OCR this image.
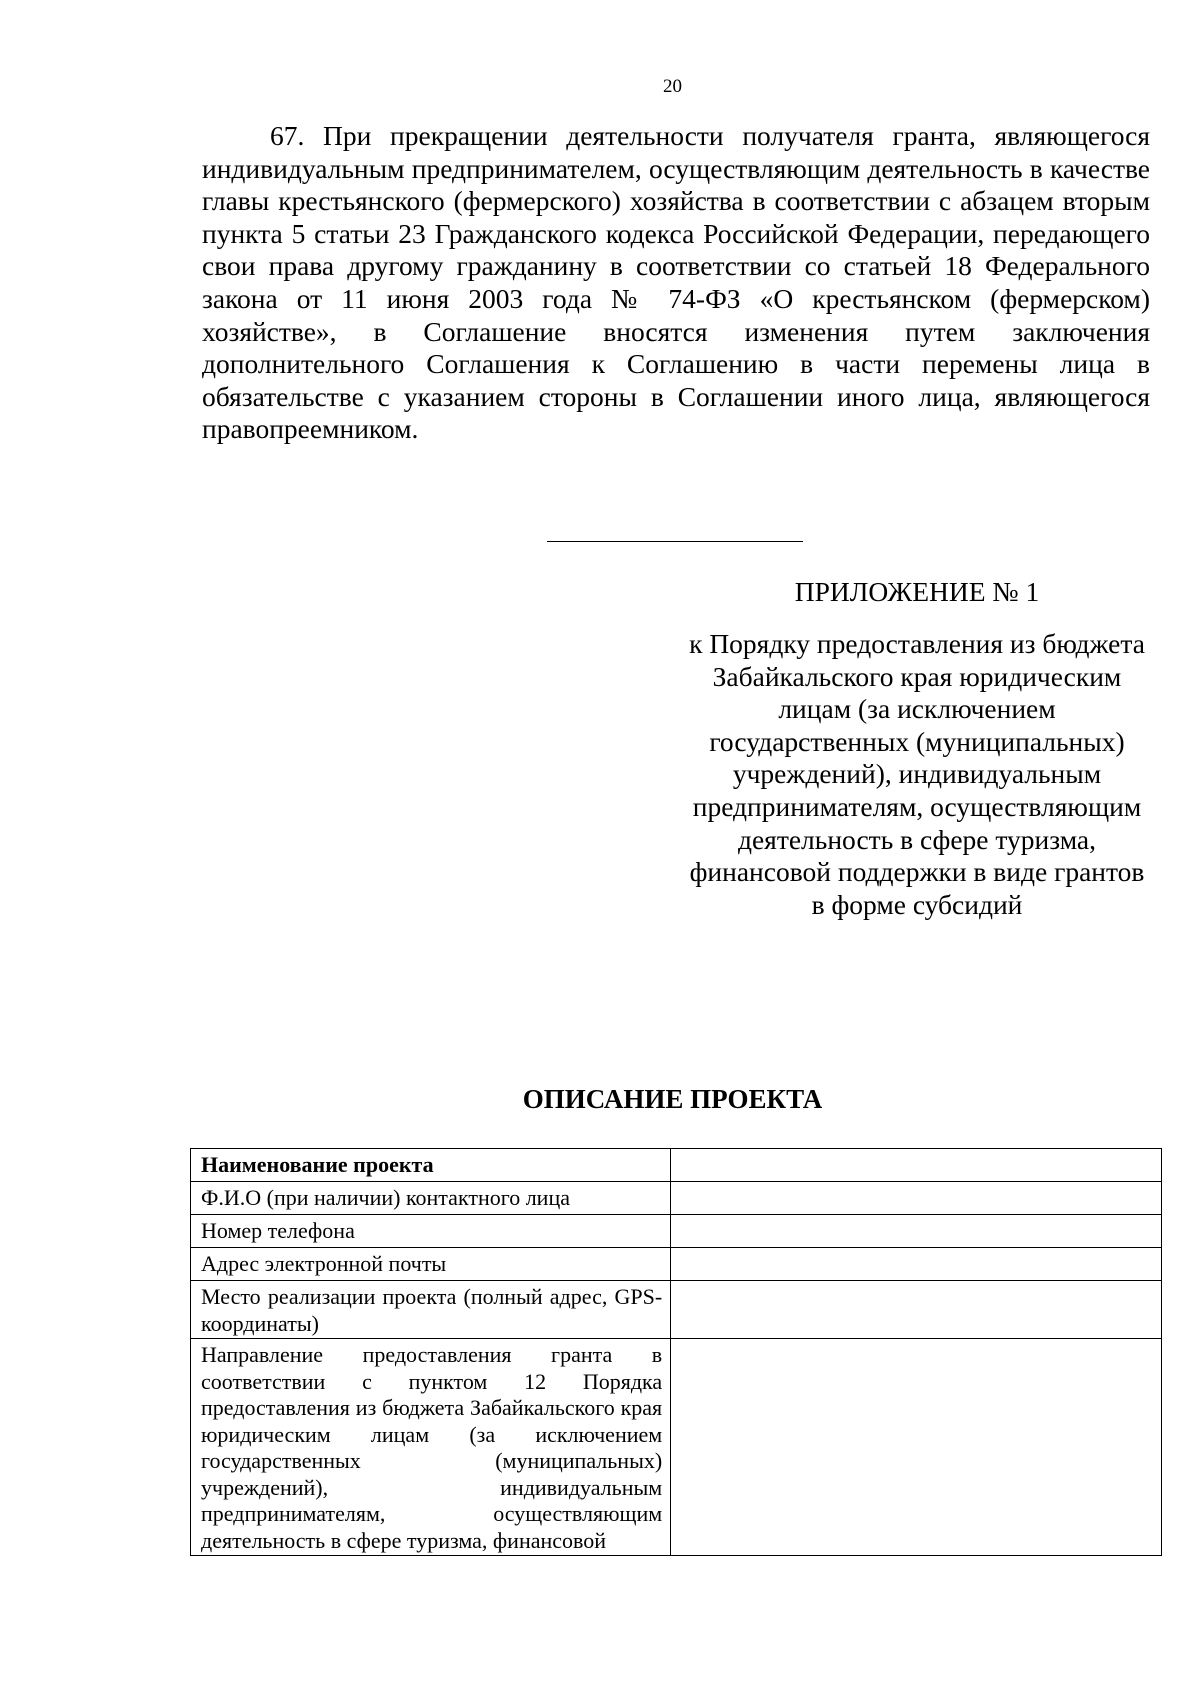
20

67. При прекращении деятельности получателя гранта, являющегося индивидуальным предпринимателем, осуществляющим деятельность в качестве главы крестьянского (фермерского) хозяйства в соответствии с абзацем вторым пункта 5 статьи 23 Гражданского кодекса Российской Федерации, передающего свои права другому гражданину в соответствии со статьей 18 Федерального закона от 11 июня 2003 года № 74-ФЗ «О крестьянском (фермерском) хозяйстве», в Соглашение вносятся изменения путем заключения дополнительного Соглашения к Соглашению в части перемены лица в обязательстве с указанием стороны в Соглашении иного лица, являющегося правопреемником.

ПРИЛОЖЕНИЕ № 1

к Порядку предоставления из бюджета Забайкальского края юридическим лицам (за исключением государственных (муниципальных) учреждений), индивидуальным предпринимателям, осуществляющим деятельность в сфере туризма, финансовой поддержки в виде грантов в форме субсидий

ОПИСАНИЕ ПРОЕКТА
Наименование проекта	
Ф.И.О (при наличии) контактного лица	
Номер телефона	
Адрес электронной почты	
Место реализации проекта (полный адрес, GPS-координаты)	
Направление предоставления гранта в соответствии с пунктом 12 Порядка предоставления из бюджета Забайкальского края юридическим лицам (за исключением государственных (муниципальных) учреждений), индивидуальным предпринимателям, осуществляющим деятельность в сфере туризма, финансовой	
